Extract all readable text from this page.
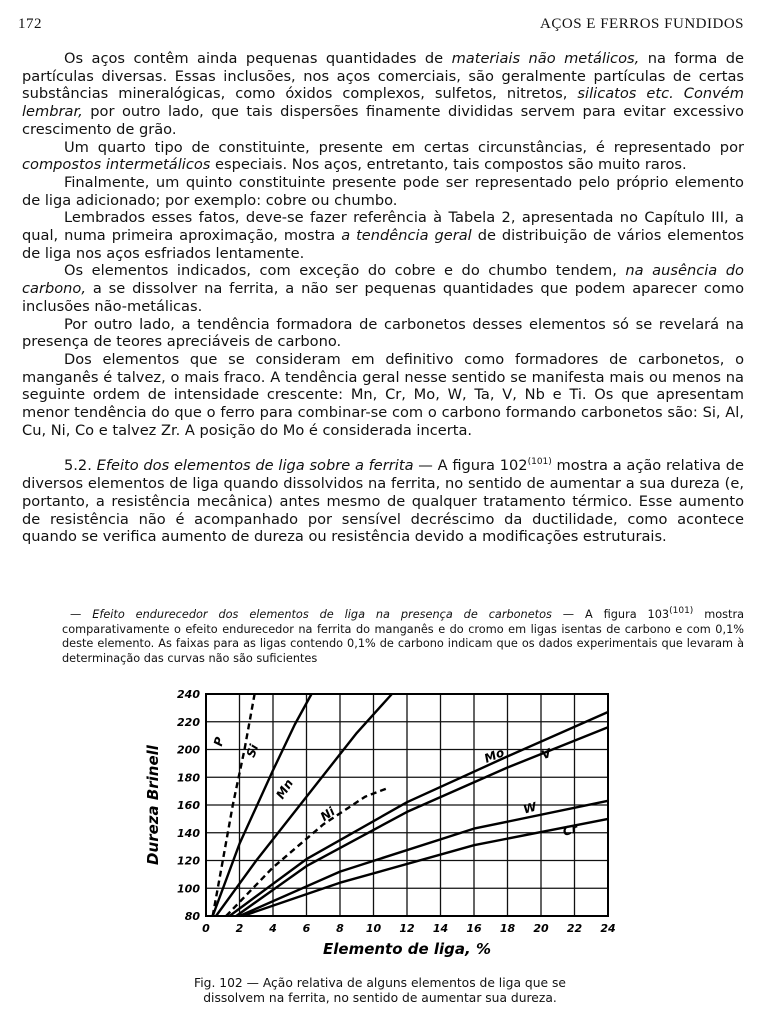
172	AÇOS E FERROS FUNDIDOS

Os aços contêm ainda pequenas quantidades de materiais não metálicos, na forma de partículas diversas. Essas inclusões, nos aços comerciais, são geralmente partículas de certas substâncias mineralógicas, como óxidos complexos, sulfetos, nitretos, silicatos etc. Convém lembrar, por outro lado, que tais dispersões finamente divididas servem para evitar excessivo crescimento de grão.

Um quarto tipo de constituinte, presente em certas circunstâncias, é representado por compostos intermetálicos especiais. Nos aços, entretanto, tais compostos são muito raros.

Finalmente, um quinto constituinte presente pode ser representado pelo próprio elemento de liga adicionado; por exemplo: cobre ou chumbo.

Lembrados esses fatos, deve-se fazer referência à Tabela 2, apresentada no Capítulo III, a qual, numa primeira aproximação, mostra a tendência geral de distribuição de vários elementos de liga nos aços esfriados lentamente.

Os elementos indicados, com exceção do cobre e do chumbo tendem, na ausência do carbono, a se dissolver na ferrita, a não ser pequenas quantidades que podem aparecer como inclusões não-metálicas.

Por outro lado, a tendência formadora de carbonetos desses elementos só se revelará na presença de teores apreciáveis de carbono.

Dos elementos que se consideram em definitivo como formadores de carbonetos, o manganês é talvez, o mais fraco. A tendência geral nesse sentido se manifesta mais ou menos na seguinte ordem de intensidade crescente: Mn, Cr, Mo, W, Ta, V, Nb e Ti. Os que apresentam menor tendência do que o ferro para combinar-se com o carbono formando carbonetos são: Si, Al, Cu, Ni, Co e talvez Zr. A posição do Mo é considerada incerta.

5.2. Efeito dos elementos de liga sobre a ferrita — A figura 102$^{(101)}$ mostra a ação relativa de diversos elementos de liga quando dissolvidos na ferrita, no sentido de aumentar a sua dureza (e, portanto, a resistência mecânica) antes mesmo de qualquer tratamento térmico. Esse aumento de resistência não é acompanhado por sensível decréscimo da ductilidade, como acontece quando se verifica aumento de dureza ou resistência devido a modificações estruturais.

— Efeito endurecedor dos elementos de liga na presença de carbonetos — A figura 103$^{(101)}$ mostra comparativamente o efeito endurecedor na ferrita do manganês e do cromo em ligas isentas de carbono e com 0,1% deste elemento. As faixas para as ligas contendo 0,1% de carbono indicam que os dados experimentais que levaram à determinação das curvas não são suficientes

0 2 4 6 8 10 12 14 16 18 20 22 24
80
100
120
140
160
180
200
220
240
Elemento de liga, %
Dureza Brinell
P
Si
Mn
Ni
Mo	V
W
Cr
Fig. 102 — Ação relativa de alguns elementos de liga que se
dissolvem na ferrita, no sentido de aumentar sua dureza.
